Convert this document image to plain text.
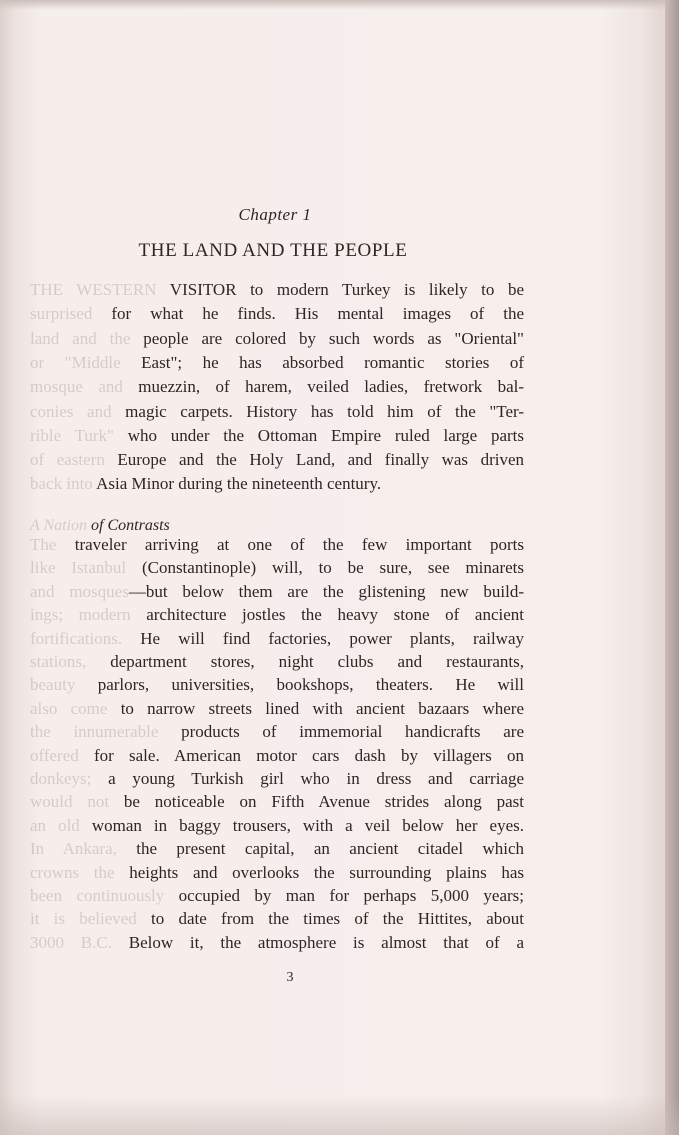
Chapter 1
THE LAND AND THE PEOPLE
THE WESTERN VISITOR to modern Turkey is likely to be
surprised for what he finds. His mental images of the
land and the people are colored by such words as "Oriental"
or "Middle East"; he has absorbed romantic stories of
mosque and muezzin, of harem, veiled ladies, fretwork bal-
conies and magic carpets. History has told him of the "Ter-
rible Turk" who under the Ottoman Empire ruled large parts
of eastern Europe and the Holy Land, and finally was driven
back into Asia Minor during the nineteenth century.
A Nation of Contrasts
The traveler arriving at one of the few important ports
like Istanbul (Constantinople) will, to be sure, see minarets
and mosques—but below them are the glistening new build-
ings; modern architecture jostles the heavy stone of ancient
fortifications. He will find factories, power plants, railway
stations, department stores, night clubs and restaurants,
beauty parlors, universities, bookshops, theaters. He will
also come to narrow streets lined with ancient bazaars where
the innumerable products of immemorial handicrafts are
offered for sale. American motor cars dash by villagers on
donkeys; a young Turkish girl who in dress and carriage
would not be noticeable on Fifth Avenue strides along past
an old woman in baggy trousers, with a veil below her eyes.
In Ankara, the present capital, an ancient citadel which
crowns the heights and overlooks the surrounding plains has
been continuously occupied by man for perhaps 5,000 years;
it is believed to date from the times of the Hittites, about
3000 B.C. Below it, the atmosphere is almost that of a
3
